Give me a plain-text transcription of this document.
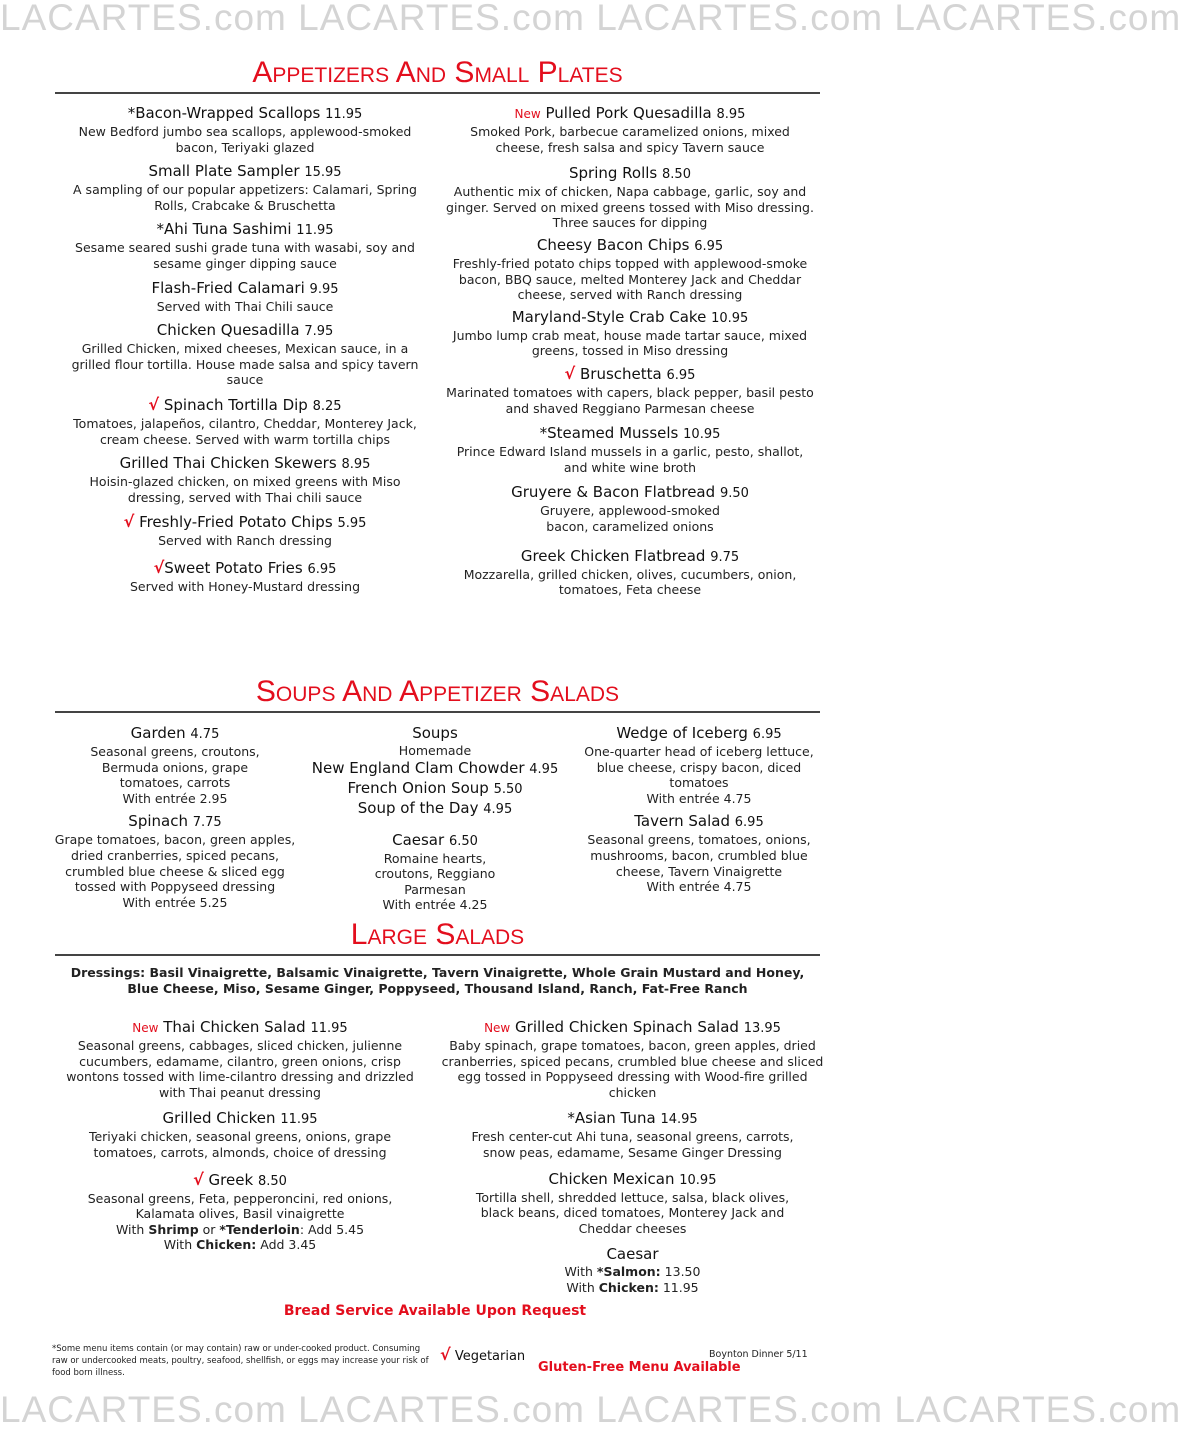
LACARTES.com LACARTES.com LACARTES.com LACARTES.com
Appetizers And Small Plates
*Bacon-Wrapped Scallops 11.95
New Bedford jumbo sea scallops, applewood-smoked bacon, Teriyaki glazed
Small Plate Sampler 15.95
A sampling of our popular appetizers: Calamari, Spring Rolls, Crabcake & Bruschetta
*Ahi Tuna Sashimi 11.95
Sesame seared sushi grade tuna with wasabi, soy and sesame ginger dipping sauce
Flash-Fried Calamari 9.95
Served with Thai Chili sauce
Chicken Quesadilla 7.95
Grilled Chicken, mixed cheeses, Mexican sauce, in a grilled flour tortilla. House made salsa and spicy tavern sauce
√ Spinach Tortilla Dip 8.25
Tomatoes, jalapeños, cilantro, Cheddar, Monterey Jack, cream cheese. Served with warm tortilla chips
Grilled Thai Chicken Skewers 8.95
Hoisin-glazed chicken, on mixed greens with Miso dressing, served with Thai chili sauce
√ Freshly-Fried Potato Chips 5.95
Served with Ranch dressing
√Sweet Potato Fries 6.95
Served with Honey-Mustard dressing
New Pulled Pork Quesadilla 8.95
Smoked Pork, barbecue caramelized onions, mixed cheese, fresh salsa and spicy Tavern sauce
Spring Rolls 8.50
Authentic mix of chicken, Napa cabbage, garlic, soy and ginger. Served on mixed greens tossed with Miso dressing. Three sauces for dipping
Cheesy Bacon Chips 6.95
Freshly-fried potato chips topped with applewood-smoke bacon, BBQ sauce, melted Monterey Jack and Cheddar cheese, served with Ranch dressing
Maryland-Style Crab Cake 10.95
Jumbo lump crab meat, house made tartar sauce, mixed greens, tossed in Miso dressing
√ Bruschetta 6.95
Marinated tomatoes with capers, black pepper, basil pesto and shaved Reggiano Parmesan cheese
*Steamed Mussels 10.95
Prince Edward Island mussels in a garlic, pesto, shallot, and white wine broth
Gruyere & Bacon Flatbread 9.50
Gruyere, applewood-smoked bacon, caramelized onions
Greek Chicken Flatbread 9.75
Mozzarella, grilled chicken, olives, cucumbers, onion, tomatoes, Feta cheese
Soups And Appetizer Salads
Garden 4.75
Seasonal greens, croutons, Bermuda onions, grape tomatoes, carrots
With entrée 2.95
Spinach 7.75
Grape tomatoes, bacon, green apples, dried cranberries, spiced pecans, crumbled blue cheese & sliced egg tossed with Poppyseed dressing
With entrée 5.25
Soups
Homemade
New England Clam Chowder 4.95
French Onion Soup 5.50
Soup of the Day 4.95
Caesar 6.50
Romaine hearts, croutons, Reggiano Parmesan
With entrée 4.25
Wedge of Iceberg 6.95
One-quarter head of iceberg lettuce, blue cheese, crispy bacon, diced tomatoes
With entrée 4.75
Tavern Salad 6.95
Seasonal greens, tomatoes, onions, mushrooms, bacon, crumbled blue cheese, Tavern Vinaigrette
With entrée 4.75
Large Salads
Dressings: Basil Vinaigrette, Balsamic Vinaigrette, Tavern Vinaigrette, Whole Grain Mustard and Honey, Blue Cheese, Miso, Sesame Ginger, Poppyseed, Thousand Island, Ranch, Fat-Free Ranch
New Thai Chicken Salad 11.95
Seasonal greens, cabbages, sliced chicken, julienne cucumbers, edamame, cilantro, green onions, crisp wontons tossed with lime-cilantro dressing and drizzled with Thai peanut dressing
Grilled Chicken 11.95
Teriyaki chicken, seasonal greens, onions, grape tomatoes, carrots, almonds, choice of dressing
√ Greek 8.50
Seasonal greens, Feta, pepperoncini, red onions, Kalamata olives, Basil vinaigrette
With Shrimp or *Tenderloin: Add 5.45
With Chicken: Add 3.45
New Grilled Chicken Spinach Salad 13.95
Baby spinach, grape tomatoes, bacon, green apples, dried cranberries, spiced pecans, crumbled blue cheese and sliced egg tossed in Poppyseed dressing with Wood-fire grilled chicken
*Asian Tuna 14.95
Fresh center-cut Ahi tuna, seasonal greens, carrots, snow peas, edamame, Sesame Ginger Dressing
Chicken Mexican 10.95
Tortilla shell, shredded lettuce, salsa, black olives, black beans, diced tomatoes, Monterey Jack and Cheddar cheeses
Caesar
With *Salmon: 13.50
With Chicken: 11.95
Bread Service Available Upon Request
*Some menu items contain (or may contain) raw or under-cooked product. Consuming raw or undercooked meats, poultry, seafood, shellfish, or eggs may increase your risk of food born illness.
√ Vegetarian
Gluten-Free Menu Available
Boynton Dinner 5/11
LACARTES.com LACARTES.com LACARTES.com LACARTES.com
